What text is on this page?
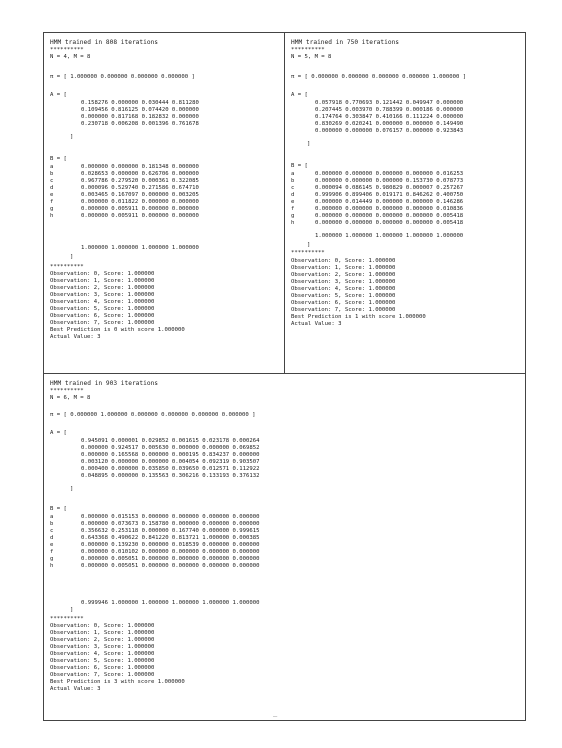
HMM trained in 808 iterations
**********
N = 4, M = 8
π = [ 1.000000 0.000000 0.000000 0.000000 ]
A = [
0.158276 0.000000 0.030444 0.811280
0.109456 0.816125 0.074420 0.000000
0.000000 0.817168 0.182832 0.000000
0.230718 0.006208 0.001396 0.761678
]
B = [
a	0.000000 0.000000 0.181348 0.000000
b	0.028653 0.000000 0.626706 0.000000
c	0.967786 0.279520 0.000361 0.322085
d	0.000096 0.529740 0.271586 0.674710
e	0.003465 0.167097 0.000000 0.003205
f	0.000000 0.011822 0.000000 0.000000
g	0.000000 0.005911 0.000000 0.000000
h	0.000000 0.005911 0.000000 0.000000
1.000000 1.000000 1.000000 1.000000
]
**********
Observation: 0, Score: 1.000000
Observation: 1, Score: 1.000000
Observation: 2, Score: 1.000000
Observation: 3, Score: 1.000000
Observation: 4, Score: 1.000000
Observation: 5, Score: 1.000000
Observation: 6, Score: 1.000000
Observation: 7, Score: 1.000000
Best Prediction is 0 with score 1.000000
Actual Value: 3
HMM trained in 750 iterations
**********
N = 5, M = 8
π = [ 0.000000 0.000000 0.000000 0.000000 1.000000 ]
A = [
0.057918 0.770693 0.121442 0.049947 0.000000
0.207445 0.003970 0.788399 0.000186 0.000000
0.174764 0.303847 0.410166 0.111224 0.000000
0.830269 0.020241 0.000000 0.000000 0.149490
0.000000 0.000000 0.076157 0.000000 0.923843
]
B = [
a	0.000000 0.000000 0.000000 0.000000 0.016253
b	0.000000 0.000000 0.000000 0.153730 0.078773
c	0.000094 0.086145 0.980829 0.000007 0.257267
d	0.999906 0.899406 0.019171 0.846262 0.400750
e	0.000000 0.014449 0.000000 0.000000 0.146286
f	0.000000 0.000000 0.000000 0.000000 0.010836
g	0.000000 0.000000 0.000000 0.000000 0.005418
h	0.000000 0.000000 0.000000 0.000000 0.005418
1.000000 1.000000 1.000000 1.000000 1.000000
]
**********
Observation: 0, Score: 1.000000
Observation: 1, Score: 1.000000
Observation: 2, Score: 1.000000
Observation: 3, Score: 1.000000
Observation: 4, Score: 1.000000
Observation: 5, Score: 1.000000
Observation: 6, Score: 1.000000
Observation: 7, Score: 1.000000
Best Prediction is 1 with score 1.000000
Actual Value: 3
HMM trained in 903 iterations
**********
N = 6, M = 8
π = [ 0.000000 1.000000 0.000000 0.000000 0.000000 0.000000 ]
A = [
0.945091 0.000001 0.029852 0.001615 0.023178 0.000264
0.000000 0.924517 0.005630 0.000000 0.000000 0.069852
0.000000 0.165568 0.000000 0.000195 0.834237 0.000000
0.003120 0.000000 0.000000 0.004054 0.092319 0.903507
0.000400 0.000000 0.035850 0.039650 0.012571 0.112922
0.048895 0.000000 0.135563 0.306216 0.133193 0.376132
]
B = [
a	0.000000 0.015153 0.000000 0.000000 0.000000 0.000000
b	0.000000 0.073673 0.158780 0.000000 0.000000 0.000000
c	0.356632 0.253118 0.000000 0.167740 0.000000 0.999615
d	0.643368 0.490622 0.841220 0.813721 1.000000 0.000385
e	0.000000 0.139230 0.000000 0.018539 0.000000 0.000000
f	0.000000 0.010102 0.000000 0.000000 0.000000 0.000000
g	0.000000 0.005051 0.000000 0.000000 0.000000 0.000000
h	0.000000 0.005051 0.000000 0.000000 0.000000 0.000000
0.999946 1.000000 1.000000 1.000000 1.000000 1.000000
]
**********
Observation: 0, Score: 1.000000
Observation: 1, Score: 1.000000
Observation: 2, Score: 1.000000
Observation: 3, Score: 1.000000
Observation: 4, Score: 1.000000
Observation: 5, Score: 1.000000
Observation: 6, Score: 1.000000
Observation: 7, Score: 1.000000
Best Prediction is 3 with score 1.000000
Actual Value: 3
_
